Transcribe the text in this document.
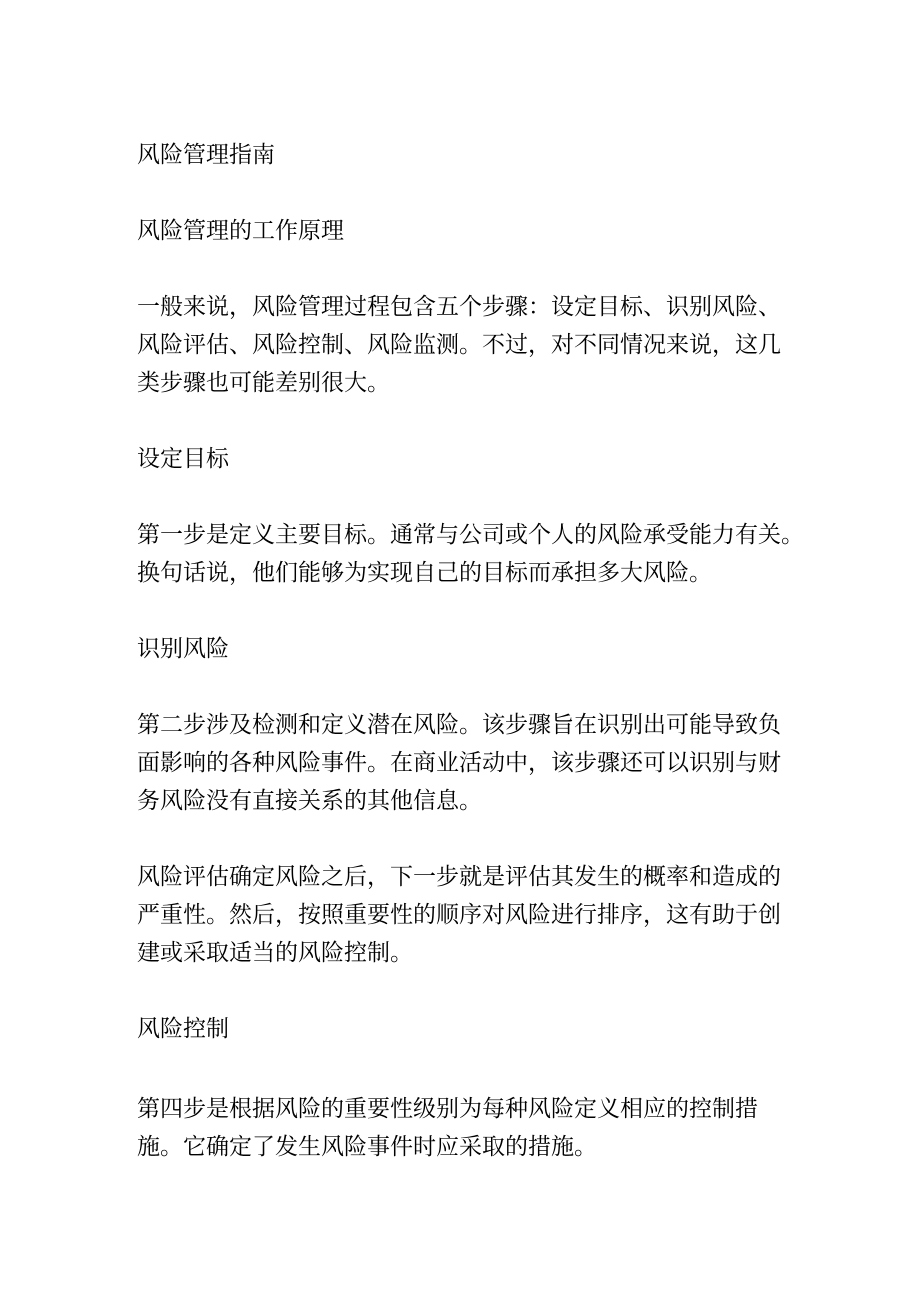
风险管理指南
风险管理的工作原理
一般来说，风险管理过程包含五个步骤：设定目标、识别风险、
风险评估、风险控制、风险监测。不过，对不同情况来说，这几
类步骤也可能差别很大。
设定目标
第一步是定义主要目标。通常与公司或个人的风险承受能力有关。
换句话说，他们能够为实现自己的目标而承担多大风险。
识别风险
第二步涉及检测和定义潜在风险。该步骤旨在识别出可能导致负
面影响的各种风险事件。在商业活动中，该步骤还可以识别与财
务风险没有直接关系的其他信息。
风险评估确定风险之后，下一步就是评估其发生的概率和造成的
严重性。然后，按照重要性的顺序对风险进行排序，这有助于创
建或采取适当的风险控制。
风险控制
第四步是根据风险的重要性级别为每种风险定义相应的控制措
施。它确定了发生风险事件时应采取的措施。
